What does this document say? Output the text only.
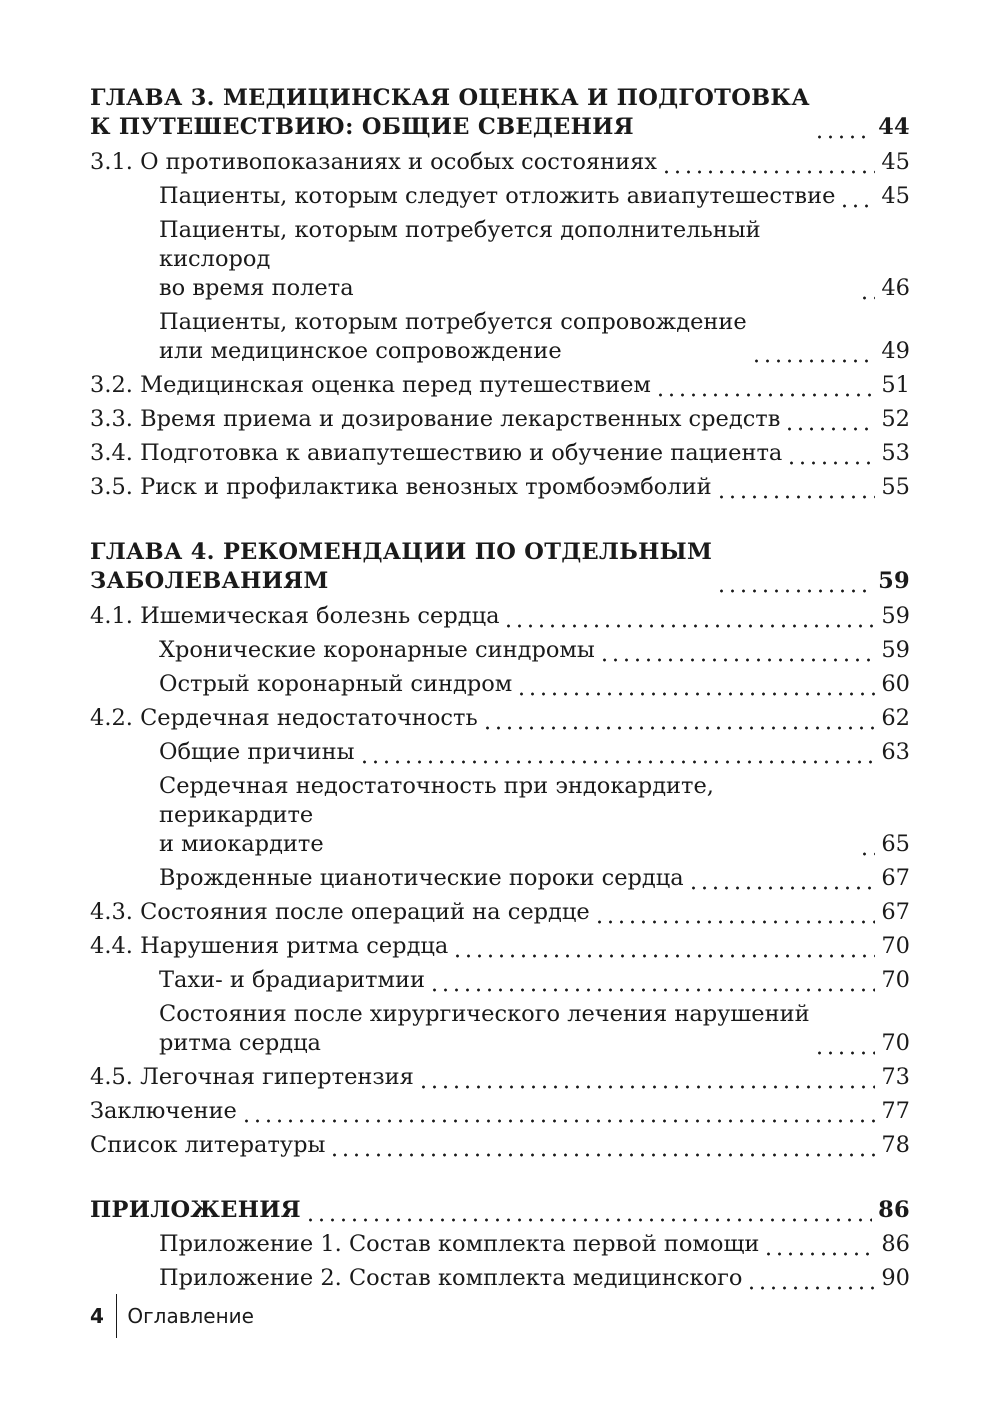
ГЛАВА 3. МЕДИЦИНСКАЯ ОЦЕНКА И ПОДГОТОВКА
К ПУТЕШЕСТВИЮ: ОБЩИЕ СВЕДЕНИЯ	44
3.1. О противопоказаниях и особых состояниях	45
Пациенты, которым следует отложить авиапутешествие 45
Пациенты, которым потребуется дополнительный кислород
во время полета	46
Пациенты, которым потребуется сопровождение
или медицинское сопровождение	49
3.2. Медицинская оценка перед путешествием	51
3.3. Время приема и дозирование лекарственных средств	52
3.4. Подготовка к авиапутешествию и обучение пациента	53
3.5. Риск и профилактика венозных тромбоэмболий	55
ГЛАВА 4. РЕКОМЕНДАЦИИ ПО ОТДЕЛЬНЫМ
ЗАБОЛЕВАНИЯМ	59
4.1. Ишемическая болезнь сердца	59
Хронические коронарные синдромы	59
Острый коронарный синдром	60
4.2. Сердечная недостаточность	62
Общие причины	63
Сердечная недостаточность при эндокардите, перикардите
и миокардите	65
Врожденные цианотические пороки сердца	67
4.3. Состояния после операций на сердце	67
4.4. Нарушения ритма сердца	70
Тахи- и брадиаритмии	70
Состояния после хирургического лечения нарушений
ритма сердца	70
4.5. Легочная гипертензия	73
Заключение	77
Список литературы	78
ПРИЛОЖЕНИЯ	86
Приложение 1. Состав комплекта первой помощи	86
Приложение 2. Состав комплекта медицинского	90
4	Оглавление
